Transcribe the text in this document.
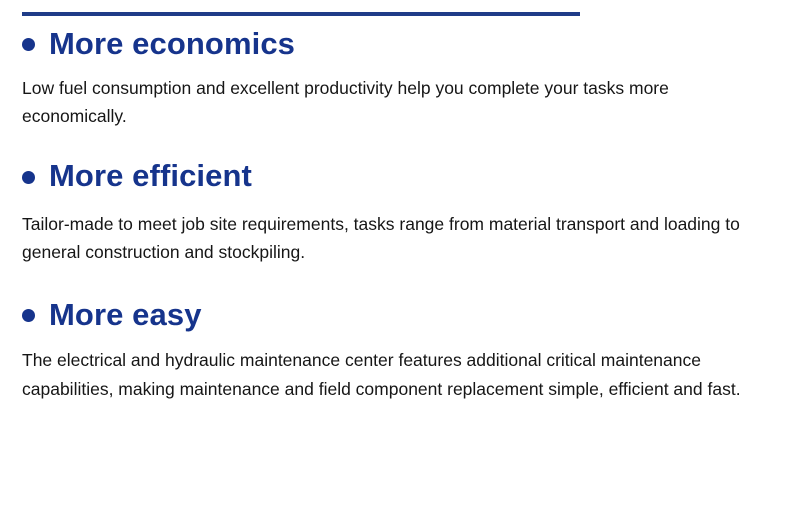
More economics

Low fuel consumption and excellent productivity help you complete your tasks more economically.

More efficient

Tailor-made to meet job site requirements, tasks range from material transport and loading to general construction and stockpiling.

More easy

The electrical and hydraulic maintenance center features additional critical maintenance capabilities, making maintenance and field component replacement simple, efficient and fast.
